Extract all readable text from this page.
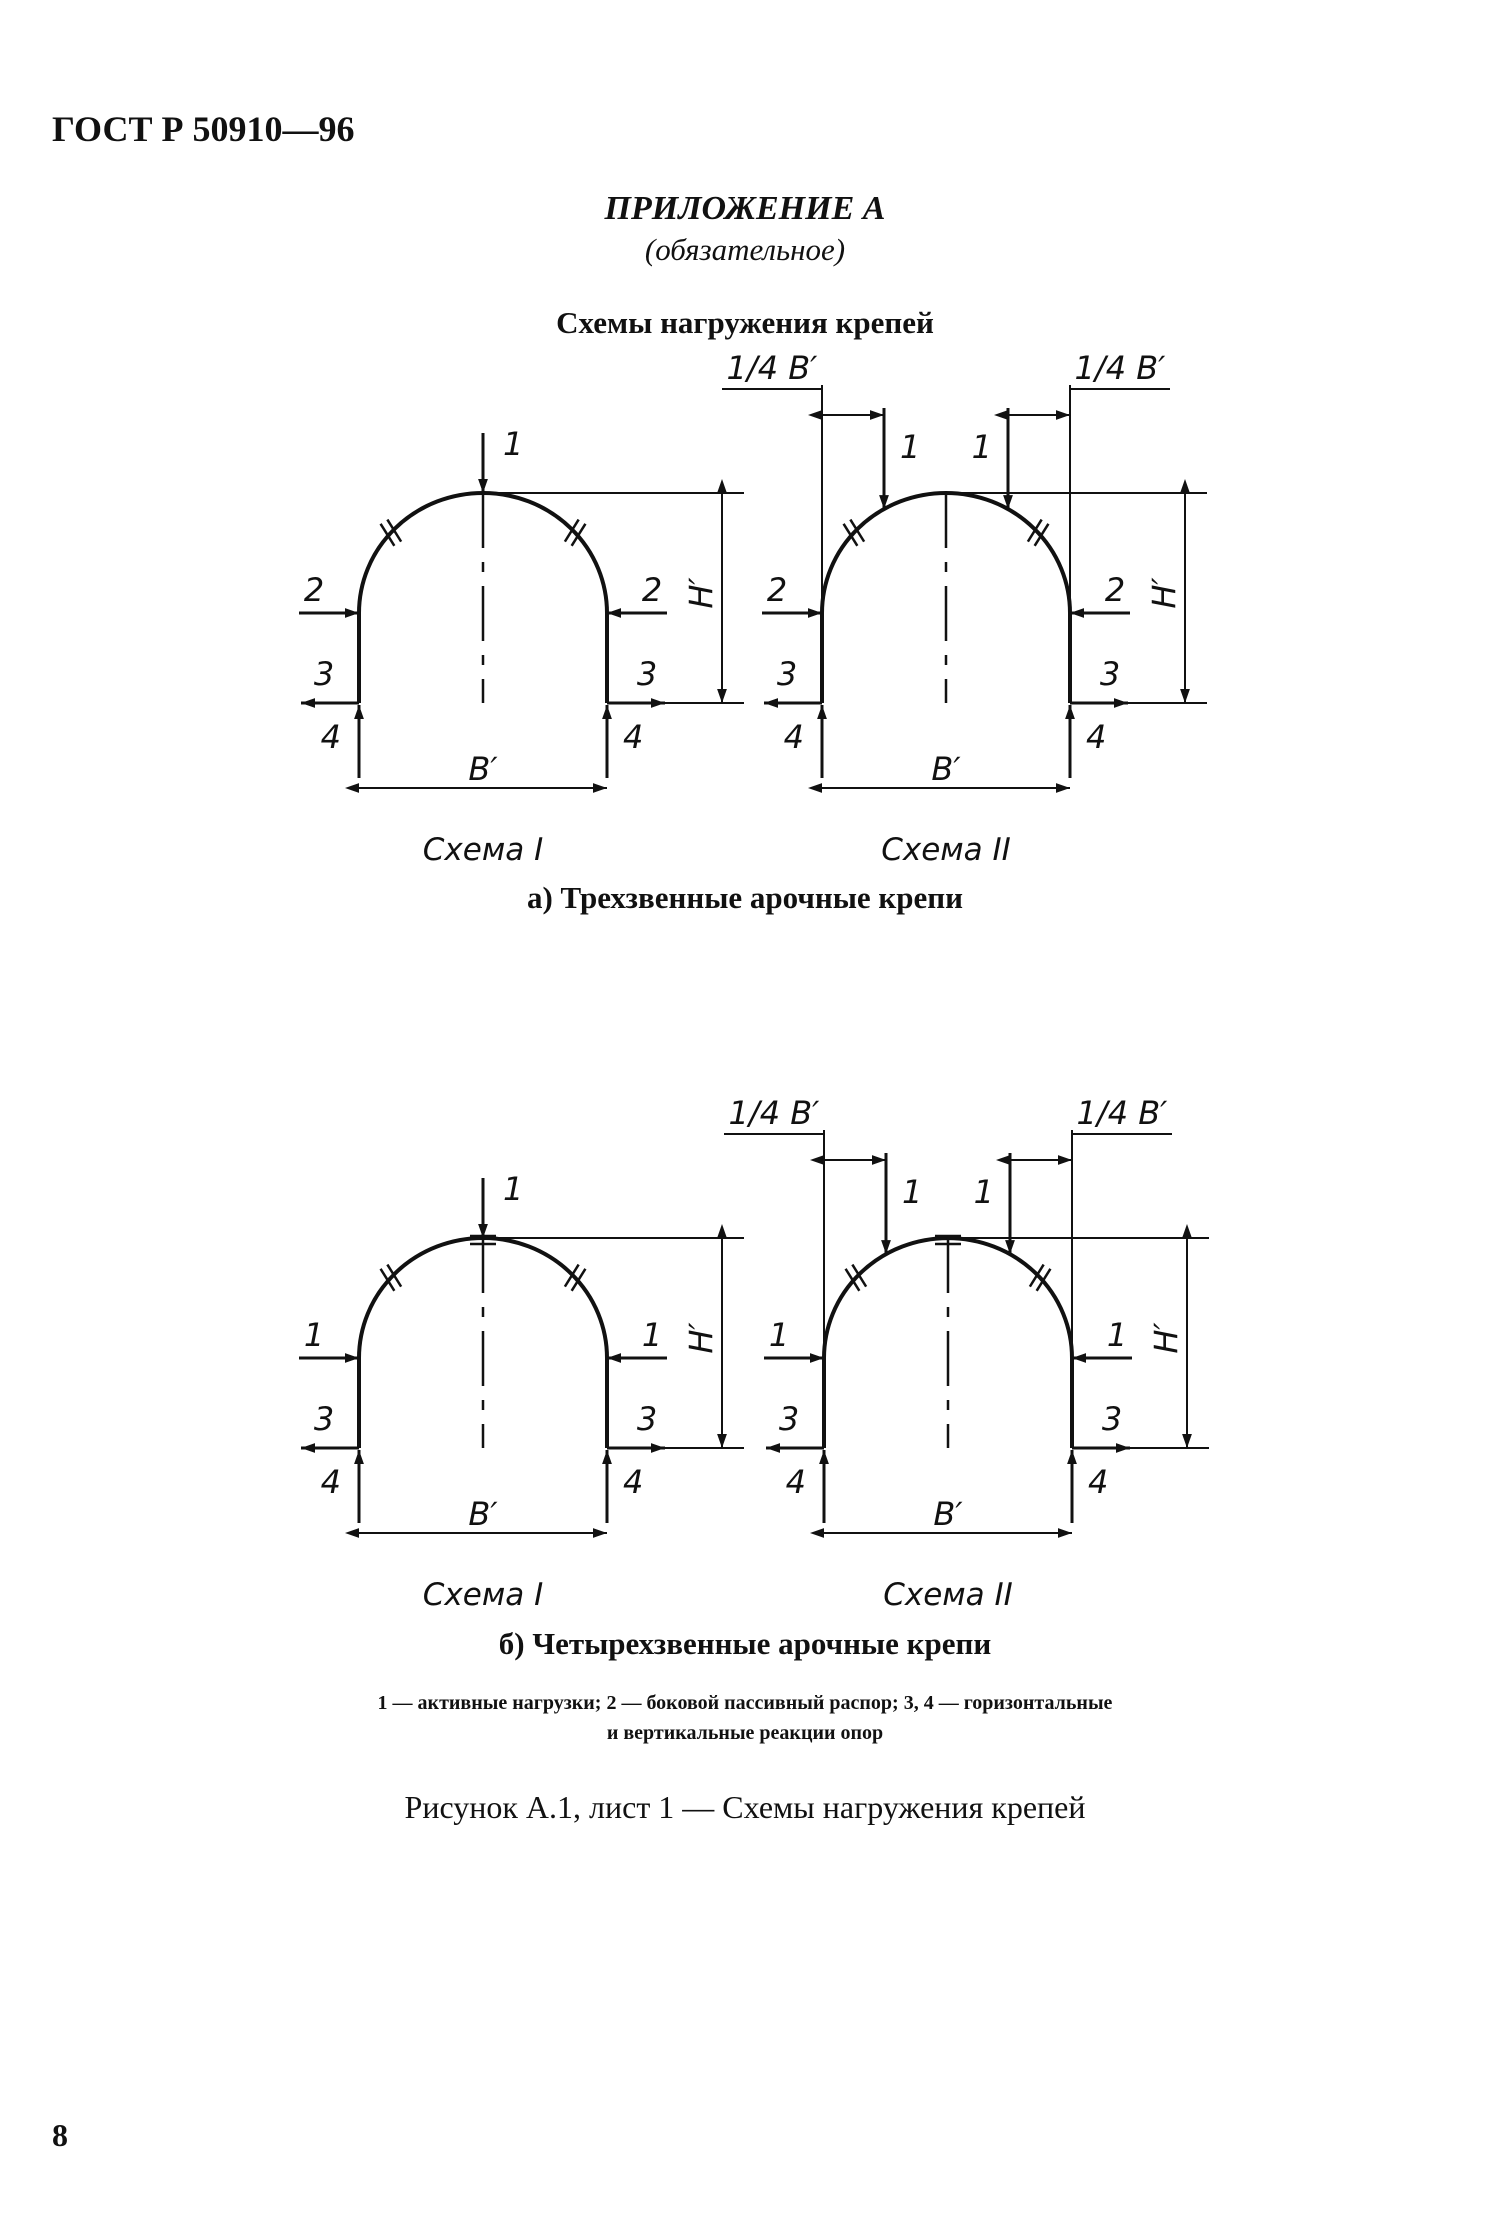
ГОСТ Р 50910—96
ПРИЛОЖЕНИЕ А
(обязательное)
Схемы нагружения крепей
1
2	2
3	3
4	4
B′
H′
Схема I
1 1
1/4 B′	1/4 B′
2	2
3	3
4	4
B′
H′
Схема II
1
1	1
3	3
4	4
B′
H′
Схема I
1 1
1/4 B′	1/4 B′
1	1
3	3
4	4
B′
H′
Схема II
а) Трехзвенные арочные крепи
б) Четырехзвенные арочные крепи
1 — активные нагрузки; 2 — боковой пассивный распор; 3, 4 — горизонтальные
и вертикальные реакции опор
Рисунок А.1, лист 1 — Схемы нагружения крепей
8
